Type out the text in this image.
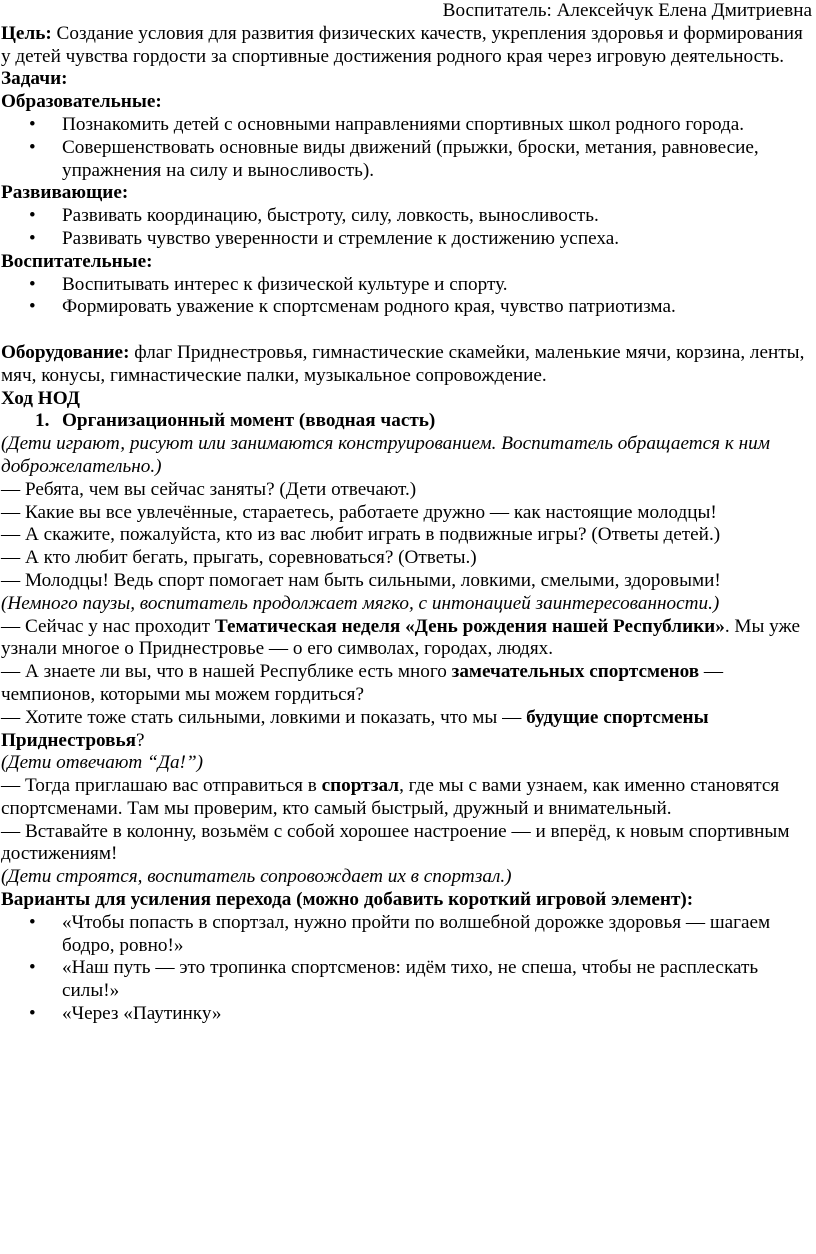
Воспитатель: Алексейчук Елена Дмитриевна

Цель: Создание условия для развития физических качеств, укрепления здоровья и формирования у детей чувства гордости за спортивные достижения родного края через игровую деятельность.

Задачи:

Образовательные:

• Познакомить детей с основными направлениями спортивных школ родного города.
• Совершенствовать основные виды движений (прыжки, броски, метания, равновесие, упражнения на силу и выносливость).

Развивающие:

• Развивать координацию, быстроту, силу, ловкость, выносливость.
• Развивать чувство уверенности и стремление к достижению успеха.

Воспитательные:

• Воспитывать интерес к физической культуре и спорту.
• Формировать уважение к спортсменам родного края, чувство патриотизма.

Оборудование: флаг Приднестровья, гимнастические скамейки, маленькие мячи, корзина, ленты, мяч, конусы, гимнастические палки, музыкальное сопровождение.

Ход НОД

1. Организационный момент (вводная часть)

(Дети играют, рисуют или занимаются конструированием. Воспитатель обращается к ним доброжелательно.)

— Ребята, чем вы сейчас заняты? (Дети отвечают.)

— Какие вы все увлечённые, стараетесь, работаете дружно — как настоящие молодцы!

— А скажите, пожалуйста, кто из вас любит играть в подвижные игры? (Ответы детей.)

— А кто любит бегать, прыгать, соревноваться? (Ответы.)

— Молодцы! Ведь спорт помогает нам быть сильными, ловкими, смелыми, здоровыми!

(Немного паузы, воспитатель продолжает мягко, с интонацией заинтересованности.)

— Сейчас у нас проходит Тематическая неделя «День рождения нашей Республики». Мы уже узнали многое о Приднестровье — о его символах, городах, людях.

— А знаете ли вы, что в нашей Республике есть много замечательных спортсменов — чемпионов, которыми мы можем гордиться?

— Хотите тоже стать сильными, ловкими и показать, что мы — будущие спортсмены Приднестровья?

(Дети отвечают “Да!”)

— Тогда приглашаю вас отправиться в спортзал, где мы с вами узнаем, как именно становятся спортсменами. Там мы проверим, кто самый быстрый, дружный и внимательный.

— Вставайте в колонну, возьмём с собой хорошее настроение — и вперёд, к новым спортивным достижениям!

(Дети строятся, воспитатель сопровождает их в спортзал.)

Варианты для усиления перехода (можно добавить короткий игровой элемент):

• «Чтобы попасть в спортзал, нужно пройти по волшебной дорожке здоровья — шагаем бодро, ровно!»
• «Наш путь — это тропинка спортсменов: идём тихо, не спеша, чтобы не расплескать силы!»
• «Через «Паутинку»
